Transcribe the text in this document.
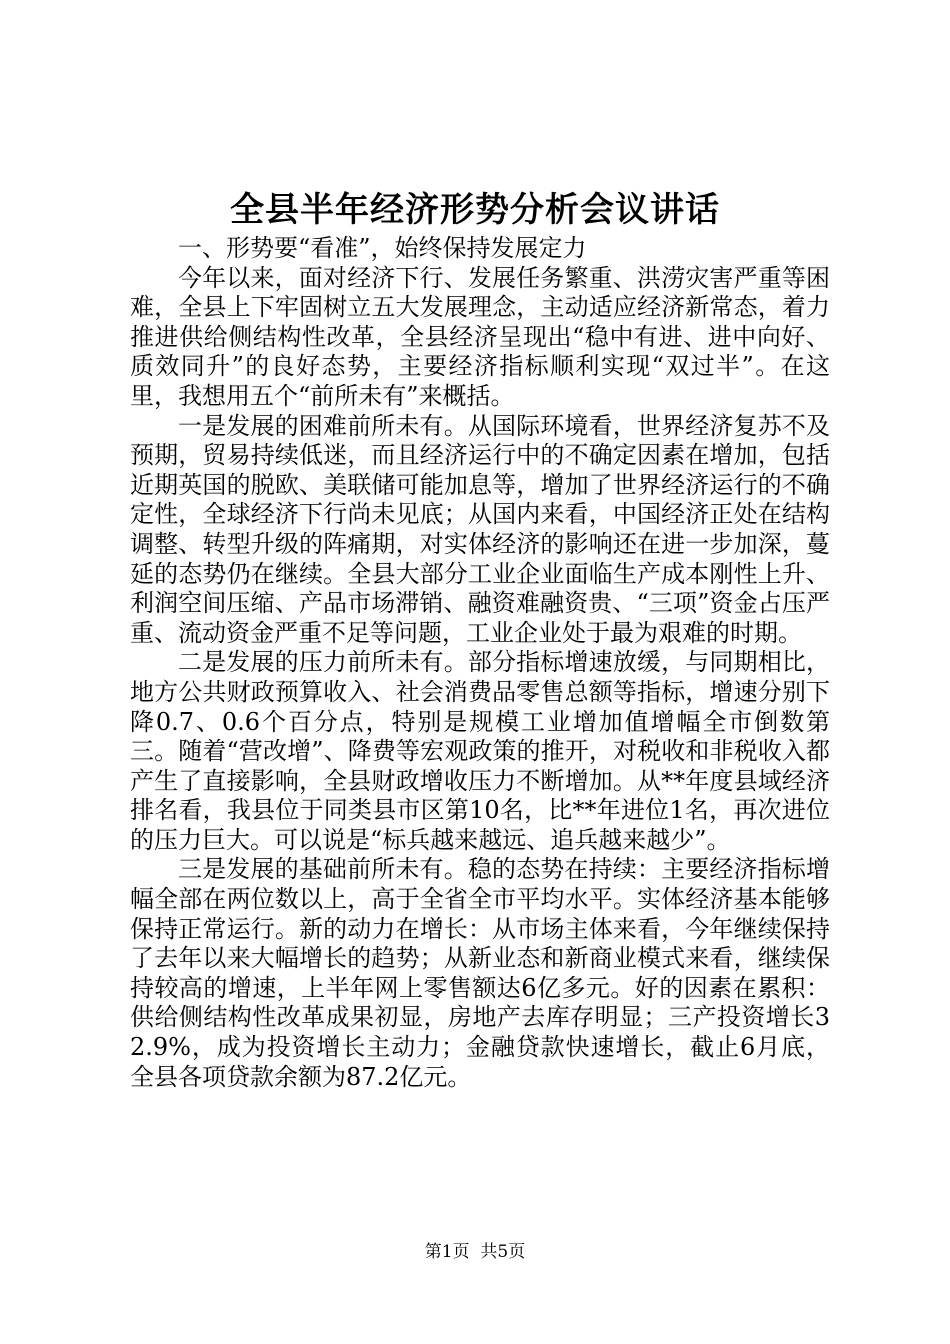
全县半年经济形势分析会议讲话

一、形势要“看准”，始终保持发展定力

今年以来，面对经济下行、发展任务繁重、洪涝灾害严重等困难，全县上下牢固树立五大发展理念，主动适应经济新常态，着力推进供给侧结构性改革，全县经济呈现出“稳中有进、进中向好、质效同升”的良好态势，主要经济指标顺利实现“双过半”。在这里，我想用五个“前所未有”来概括。

一是发展的困难前所未有。从国际环境看，世界经济复苏不及预期，贸易持续低迷，而且经济运行中的不确定因素在增加，包括近期英国的脱欧、美联储可能加息等，增加了世界经济运行的不确定性，全球经济下行尚未见底；从国内来看，中国经济正处在结构调整、转型升级的阵痛期，对实体经济的影响还在进一步加深，蔓延的态势仍在继续。全县大部分工业企业面临生产成本刚性上升、利润空间压缩、产品市场滞销、融资难融资贵、“三项”资金占压严重、流动资金严重不足等问题，工业企业处于最为艰难的时期。

二是发展的压力前所未有。部分指标增速放缓，与同期相比，地方公共财政预算收入、社会消费品零售总额等指标，增速分别下降0.7、0.6个百分点，特别是规模工业增加值增幅全市倒数第三。随着“营改增”、降费等宏观政策的推开，对税收和非税收入都产生了直接影响，全县财政增收压力不断增加。从**年度县域经济排名看，我县位于同类县市区第10名，比**年进位1名，再次进位的压力巨大。可以说是“标兵越来越远、追兵越来越少”。

三是发展的基础前所未有。稳的态势在持续：主要经济指标增幅全部在两位数以上，高于全省全市平均水平。实体经济基本能够保持正常运行。新的动力在增长：从市场主体来看，今年继续保持了去年以来大幅增长的趋势；从新业态和新商业模式来看，继续保持较高的增速，上半年网上零售额达6亿多元。好的因素在累积：供给侧结构性改革成果初显，房地产去库存明显；三产投资增长32.9%，成为投资增长主动力；金融贷款快速增长，截止6月底，全县各项贷款余额为87.2亿元。

第1页  共5页
